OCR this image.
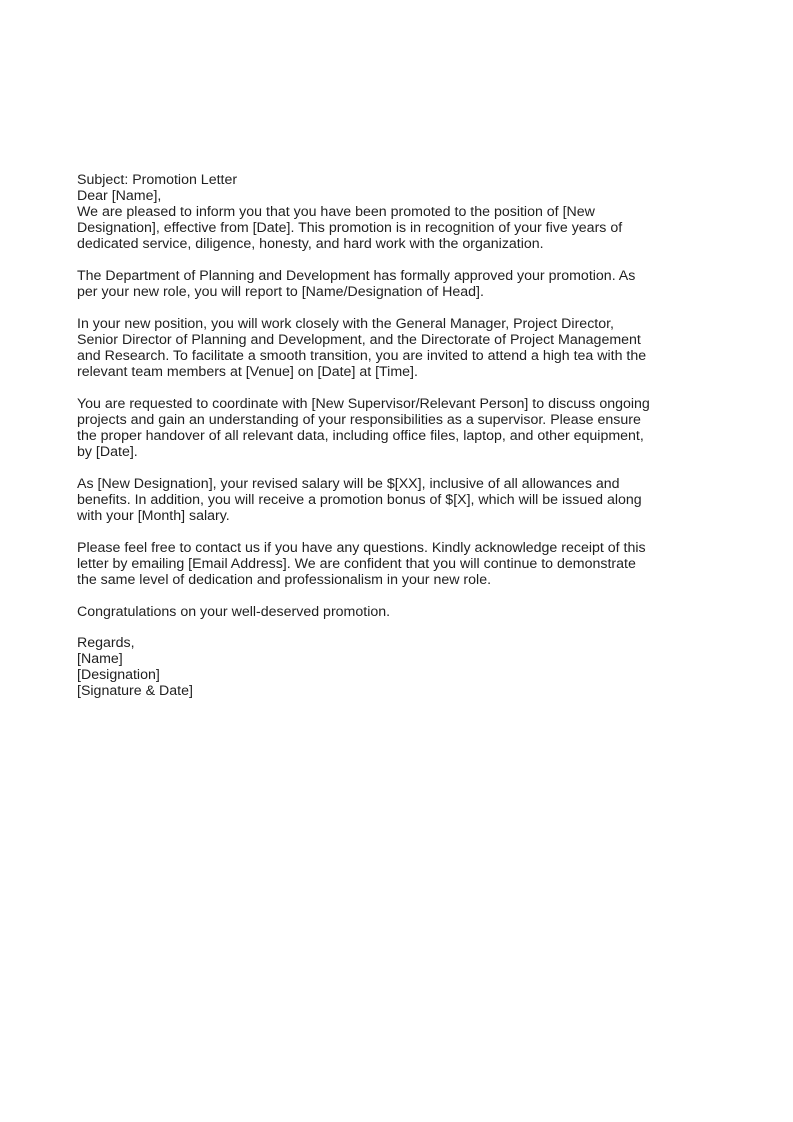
Subject: Promotion Letter

Dear [Name],

We are pleased to inform you that you have been promoted to the position of [New
Designation], effective from [Date]. This promotion is in recognition of your five years of
dedicated service, diligence, honesty, and hard work with the organization.

The Department of Planning and Development has formally approved your promotion. As
per your new role, you will report to [Name/Designation of Head].

In your new position, you will work closely with the General Manager, Project Director,
Senior Director of Planning and Development, and the Directorate of Project Management
and Research. To facilitate a smooth transition, you are invited to attend a high tea with the
relevant team members at [Venue] on [Date] at [Time].

You are requested to coordinate with [New Supervisor/Relevant Person] to discuss ongoing
projects and gain an understanding of your responsibilities as a supervisor. Please ensure
the proper handover of all relevant data, including office files, laptop, and other equipment,
by [Date].

As [New Designation], your revised salary will be $[XX], inclusive of all allowances and
benefits. In addition, you will receive a promotion bonus of $[X], which will be issued along
with your [Month] salary.

Please feel free to contact us if you have any questions. Kindly acknowledge receipt of this
letter by emailing [Email Address]. We are confident that you will continue to demonstrate
the same level of dedication and professionalism in your new role.

Congratulations on your well-deserved promotion.

Regards,

[Name]

[Designation]

[Signature & Date]
